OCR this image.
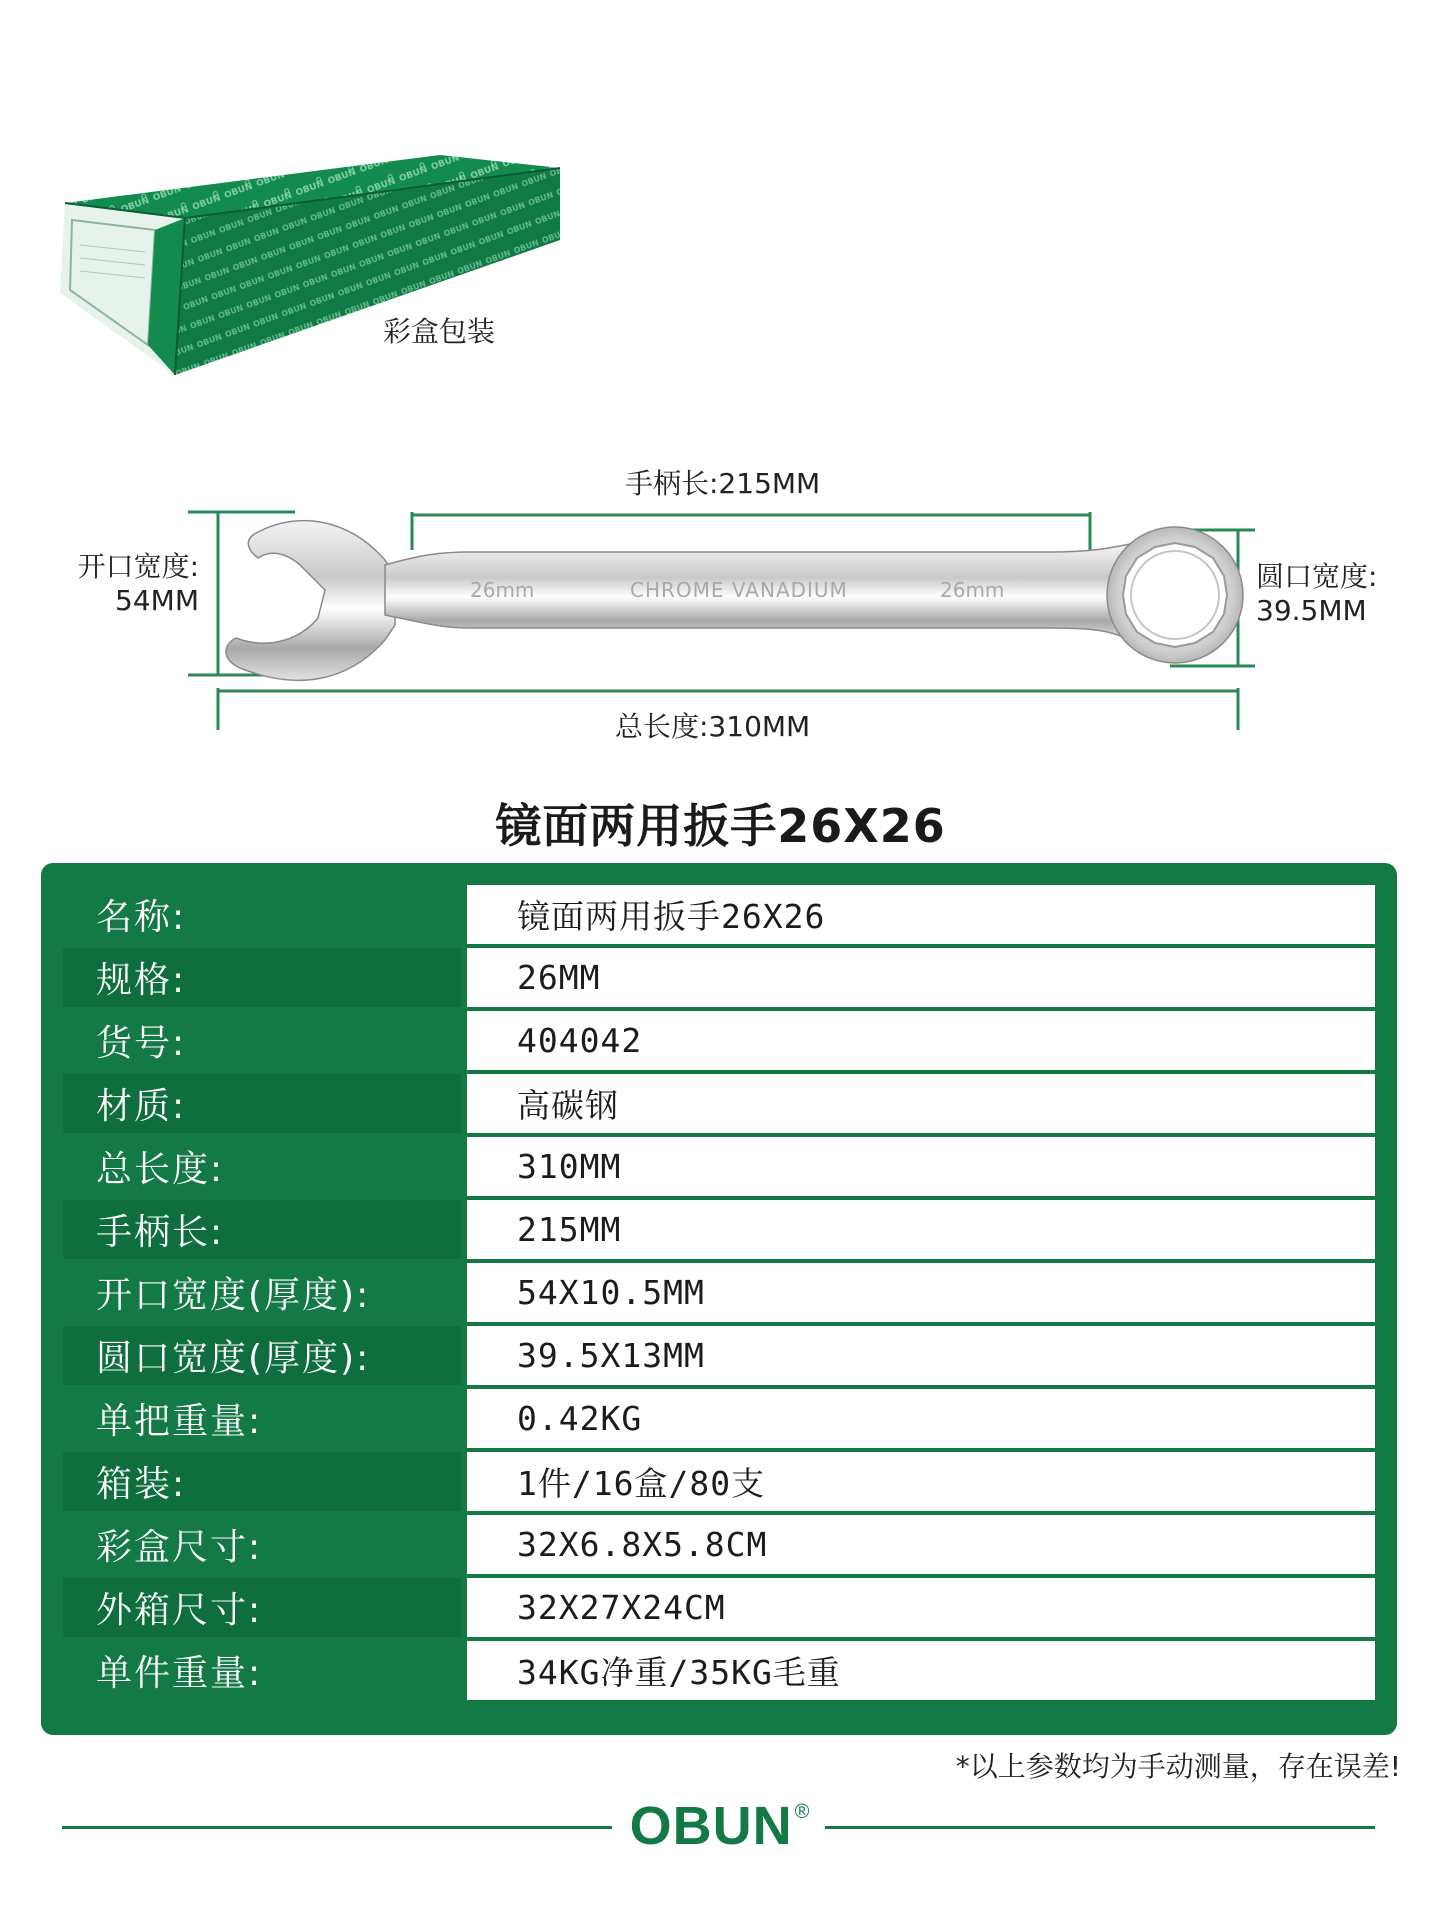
彩盒包装
26mm	CHROME VANADIUM	26mm
手柄长:215MM
开口宽度:
54MM
圆口宽度:
39.5MM
总长度:310MM
镜面两用扳手26X26
名称:	镜面两用扳手26X26
规格:	26MM
货号:	404042
材质:	高碳钢
总长度:	310MM
手柄长:	215MM
开口宽度(厚度):	54X10.5MM
圆口宽度(厚度):	39.5X13MM
单把重量:	0.42KG
箱装:	1件/16盒/80支
彩盒尺寸:	32X6.8X5.8CM
外箱尺寸:	32X27X24CM
单件重量:	34KG净重/35KG毛重
*以上参数均为手动测量，存在误差!
OBUN ®
